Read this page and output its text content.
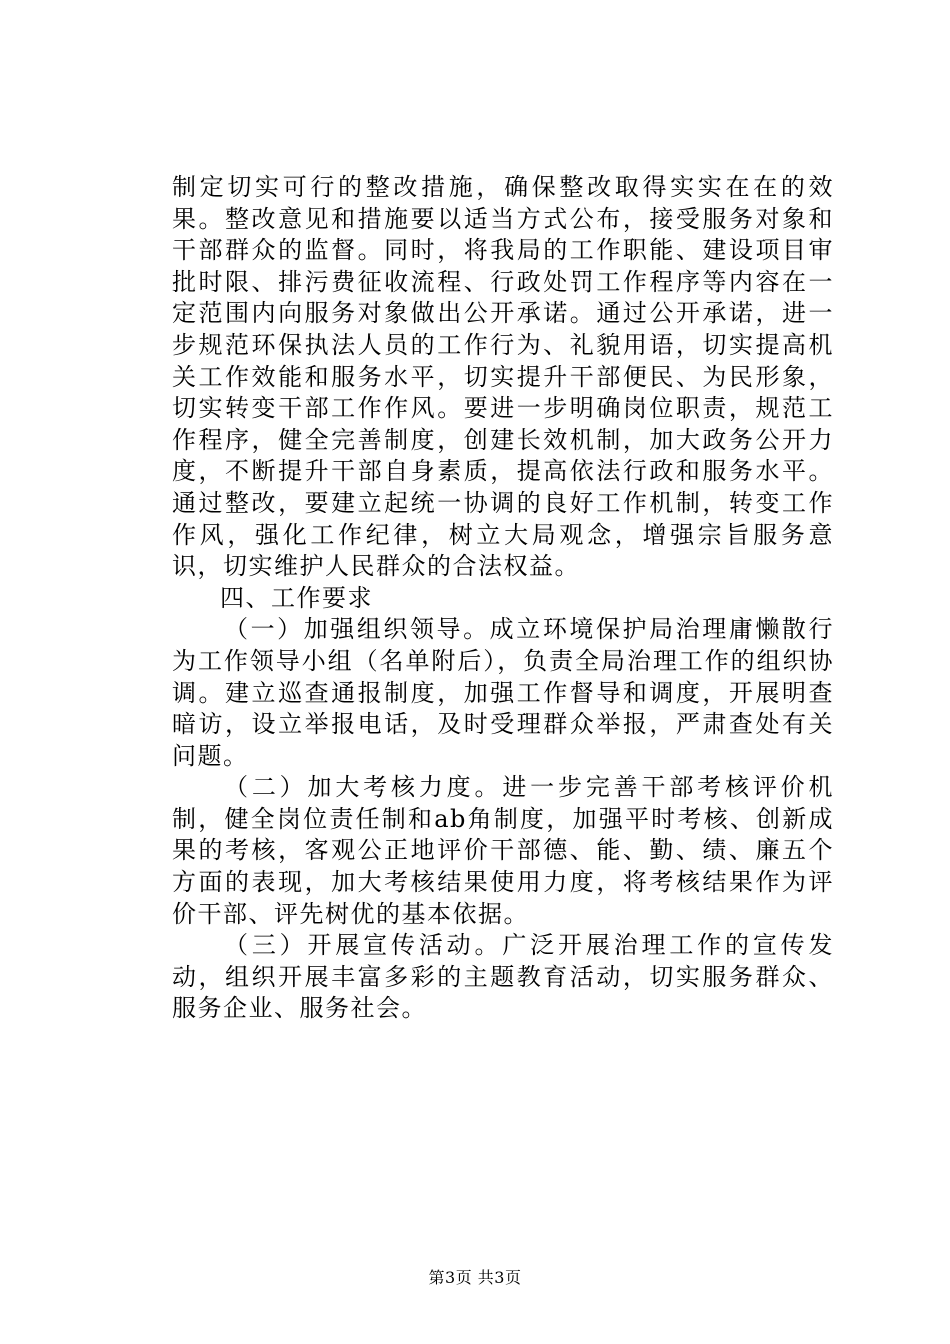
制定切实可行的整改措施，确保整改取得实实在在的效果。整改意见和措施要以适当方式公布，接受服务对象和干部群众的监督。同时，将我局的工作职能、建设项目审批时限、排污费征收流程、行政处罚工作程序等内容在一定范围内向服务对象做出公开承诺。通过公开承诺，进一步规范环保执法人员的工作行为、礼貌用语，切实提高机关工作效能和服务水平，切实提升干部便民、为民形象，切实转变干部工作作风。要进一步明确岗位职责，规范工作程序，健全完善制度，创建长效机制，加大政务公开力度，不断提升干部自身素质，提高依法行政和服务水平。通过整改，要建立起统一协调的良好工作机制，转变工作作风，强化工作纪律，树立大局观念，增强宗旨服务意识，切实维护人民群众的合法权益。

四、工作要求

（一）加强组织领导。成立环境保护局治理庸懒散行为工作领导小组（名单附后），负责全局治理工作的组织协调。建立巡查通报制度，加强工作督导和调度，开展明查暗访，设立举报电话，及时受理群众举报，严肃查处有关问题。

（二）加大考核力度。进一步完善干部考核评价机制，健全岗位责任制和ab角制度，加强平时考核、创新成果的考核，客观公正地评价干部德、能、勤、绩、廉五个方面的表现，加大考核结果使用力度，将考核结果作为评价干部、评先树优的基本依据。

（三）开展宣传活动。广泛开展治理工作的宣传发动，组织开展丰富多彩的主题教育活动，切实服务群众、服务企业、服务社会。

第3页 共3页
